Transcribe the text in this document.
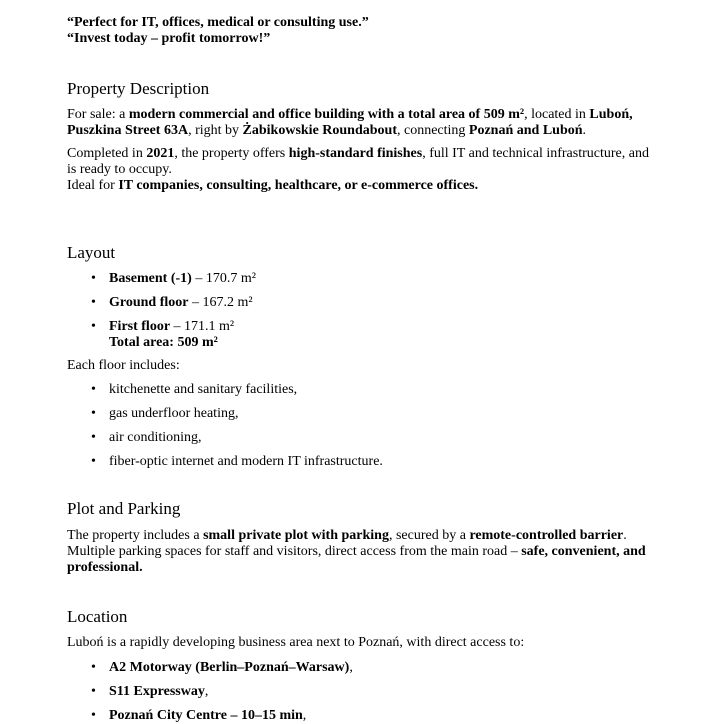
“Perfect for IT, offices, medical or consulting use.”
“Invest today – profit tomorrow!”
Property Description

For sale: a modern commercial and office building with a total area of 509 m², located in Luboń, Puszkina Street 63A, right by Żabikowskie Roundabout, connecting Poznań and Luboń.

Completed in 2021, the property offers high-standard finishes, full IT and technical infrastructure, and is ready to occupy.

Ideal for IT companies, consulting, healthcare, or e-commerce offices.

Layout
• Basement (-1) – 170.7 m²
• Ground floor – 167.2 m²
• First floor – 171.1 m²
Total area: 509 m²

Each floor includes:

• kitchenette and sanitary facilities,
• gas underfloor heating,
• air conditioning,
• fiber-optic internet and modern IT infrastructure.
Plot and Parking

The property includes a small private plot with parking, secured by a remote-controlled barrier. Multiple parking spaces for staff and visitors, direct access from the main road – safe, convenient, and professional.

Location

Luboń is a rapidly developing business area next to Poznań, with direct access to:

• A2 Motorway (Berlin–Poznań–Warsaw),
• S11 Expressway,
• Poznań City Centre – 10–15 min,
